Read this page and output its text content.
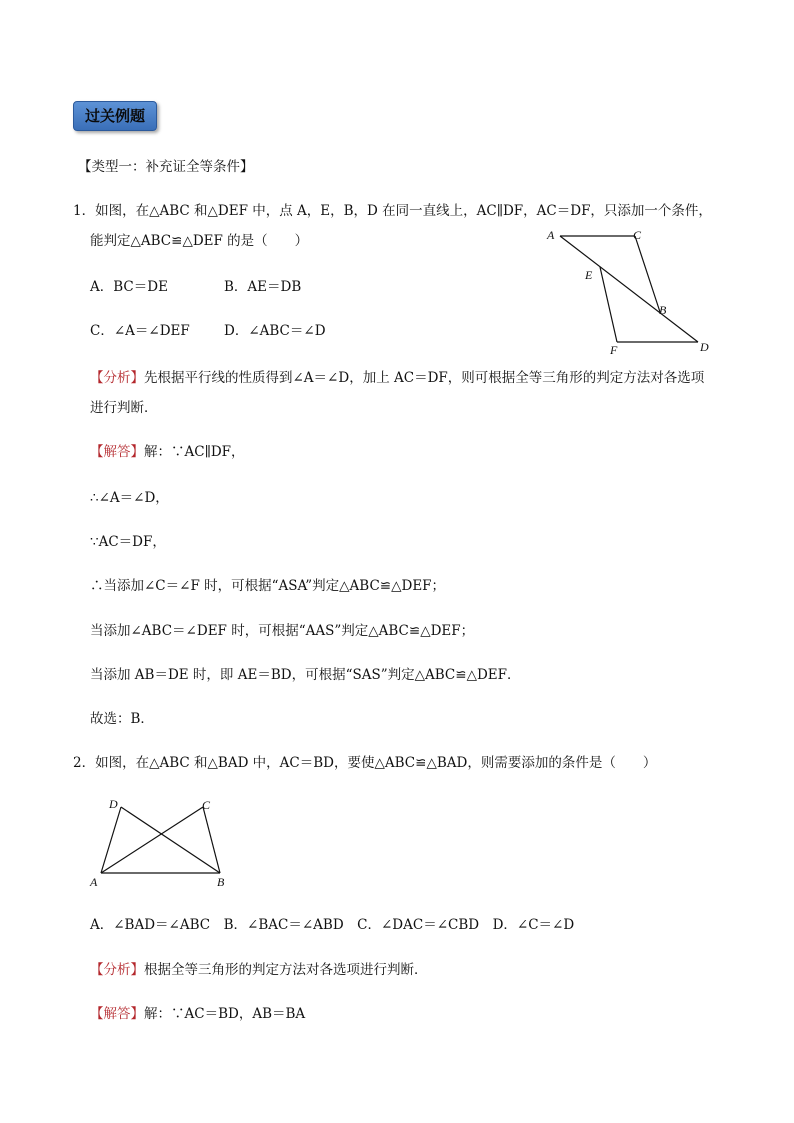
过关例题
【类型一：补充证全等条件】
1．如图，在△ABC 和△DEF 中，点 A，E，B，D 在同一直线上，AC∥DF，AC＝DF，只添加一个条件，
能判定△ABC≌△DEF 的是（　　）
A．BC＝DE	B．AE＝DB
C．∠A＝∠DEF	D．∠ABC＝∠D
A	C
E
B
F	D
【分析】先根据平行线的性质得到∠A＝∠D，加上 AC＝DF，则可根据全等三角形的判定方法对各选项
进行判断．
【解答】解：∵AC∥DF，
∴∠A＝∠D，
∵AC＝DF，
∴当添加∠C＝∠F 时，可根据“ASA”判定△ABC≌△DEF；
当添加∠ABC＝∠DEF 时，可根据“AAS”判定△ABC≌△DEF；
当添加 AB＝DE 时，即 AE＝BD，可根据“SAS”判定△ABC≌△DEF．
故选：B．
2．如图，在△ABC 和△BAD 中，AC＝BD，要使△ABC≌△BAD，则需要添加的条件是（　　）
D	C
A	B
A．∠BAD＝∠ABC　B．∠BAC＝∠ABD　C．∠DAC＝∠CBD　D．∠C＝∠D
【分析】根据全等三角形的判定方法对各选项进行判断．
【解答】解：∵AC＝BD，AB＝BA
